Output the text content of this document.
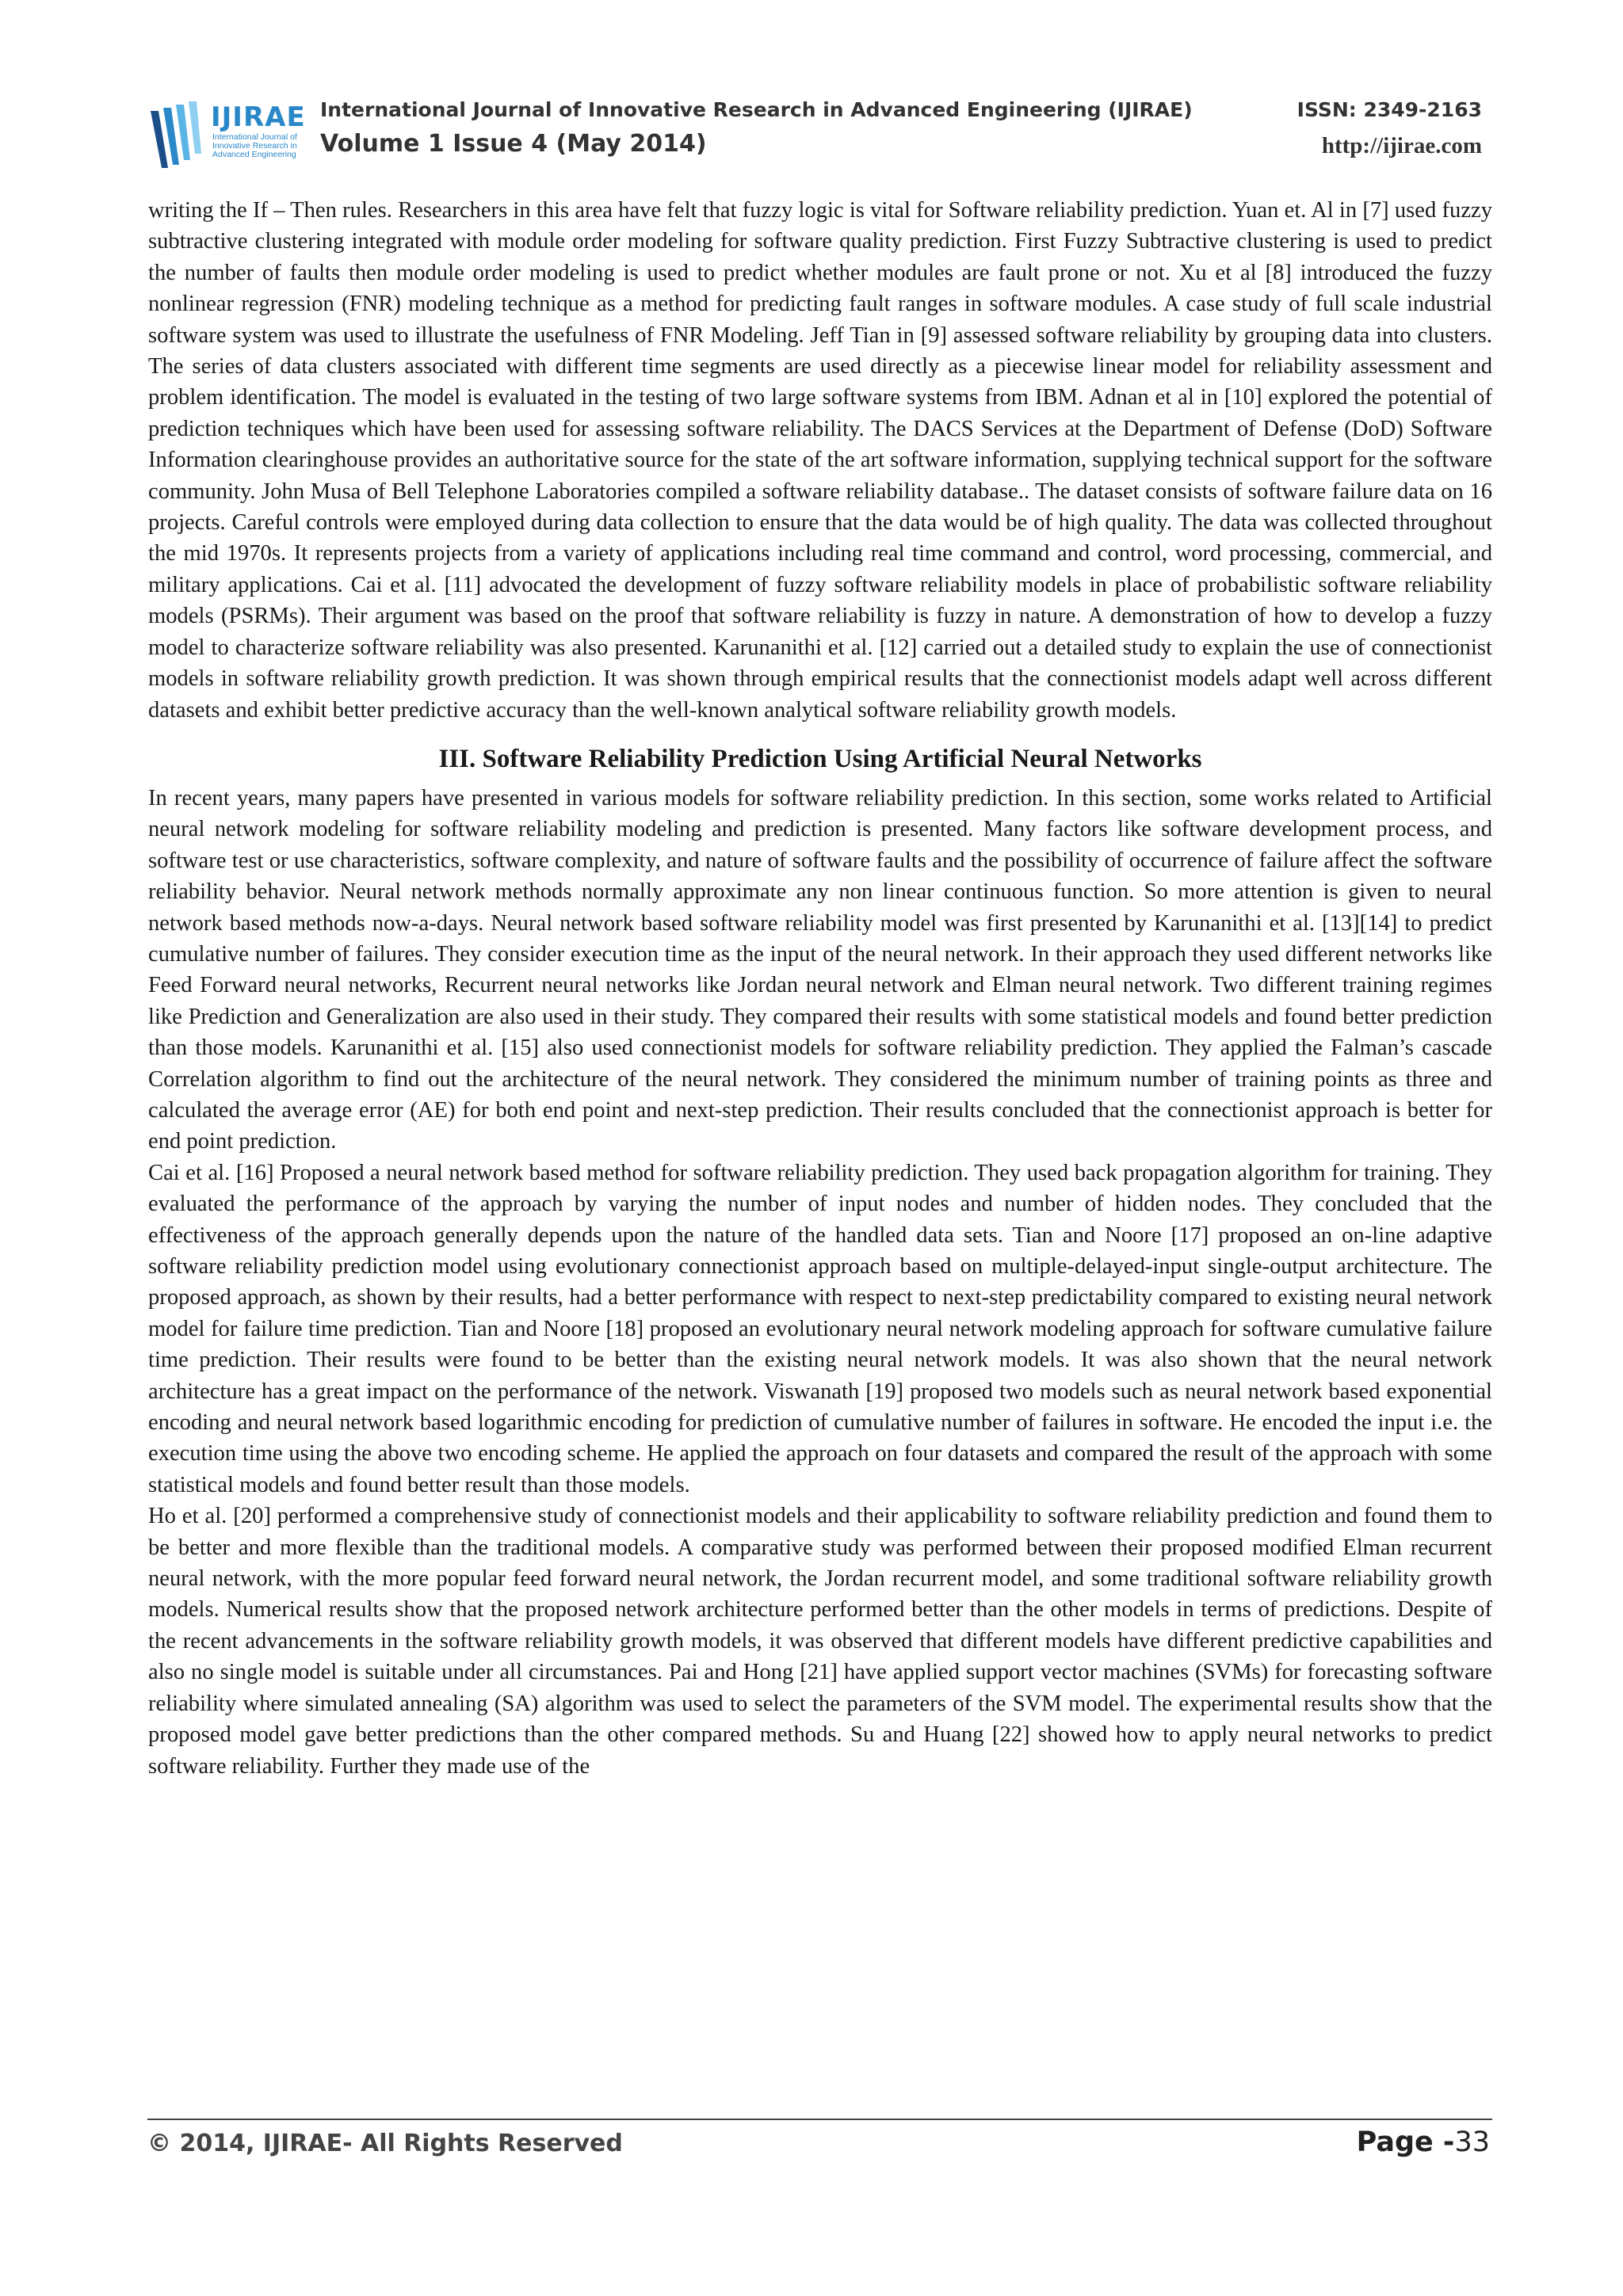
IJIRAE
International Journal of Innovative Research in Advanced Engineering
International Journal of Innovative Research in Advanced Engineering (IJIRAE)
Volume 1 Issue 4 (May 2014)
ISSN: 2349-2163
http://ijirae.com

writing the If – Then rules. Researchers in this area have felt that fuzzy logic is vital for Software reliability prediction. Yuan et. Al in [7] used fuzzy subtractive clustering integrated with module order modeling for software quality prediction. First Fuzzy Subtractive clustering is used to predict the number of faults then module order modeling is used to predict whether modules are fault prone or not. Xu et al [8] introduced the fuzzy nonlinear regression (FNR) modeling technique as a method for predicting fault ranges in software modules. A case study of full scale industrial software system was used to illustrate the usefulness of FNR Modeling. Jeff Tian in [9] assessed software reliability by grouping data into clusters. The series of data clusters associated with different time segments are used directly as a piecewise linear model for reliability assessment and problem identification. The model is evaluated in the testing of two large software systems from IBM. Adnan et al in [10] explored the potential of prediction techniques which have been used for assessing software reliability. The DACS Services at the Department of Defense (DoD) Software Information clearinghouse provides an authoritative source for the state of the art software information, supplying technical support for the software community. John Musa of Bell Telephone Laboratories compiled a software reliability database.. The dataset consists of software failure data on 16 projects. Careful controls were employed during data collection to ensure that the data would be of high quality. The data was collected throughout the mid 1970s. It represents projects from a variety of applications including real time command and control, word processing, commercial, and military applications. Cai et al. [11] advocated the development of fuzzy software reliability models in place of probabilistic software reliability models (PSRMs). Their argument was based on the proof that software reliability is fuzzy in nature. A demonstration of how to develop a fuzzy model to characterize software reliability was also presented. Karunanithi et al. [12] carried out a detailed study to explain the use of connectionist models in software reliability growth prediction. It was shown through empirical results that the connectionist models adapt well across different datasets and exhibit better predictive accuracy than the well-known analytical software reliability growth models.

III. Software Reliability Prediction Using Artificial Neural Networks

In recent years, many papers have presented in various models for software reliability prediction. In this section, some works related to Artificial neural network modeling for software reliability modeling and prediction is presented. Many factors like software development process, and software test or use characteristics, software complexity, and nature of software faults and the possibility of occurrence of failure affect the software reliability behavior. Neural network methods normally approximate any non linear continuous function. So more attention is given to neural network based methods now-a-days. Neural network based software reliability model was first presented by Karunanithi et al. [13][14] to predict cumulative number of failures. They consider execution time as the input of the neural network. In their approach they used different networks like Feed Forward neural networks, Recurrent neural networks like Jordan neural network and Elman neural network. Two different training regimes like Prediction and Generalization are also used in their study. They compared their results with some statistical models and found better prediction than those models. Karunanithi et al. [15] also used connectionist models for software reliability prediction. They applied the Falman’s cascade Correlation algorithm to find out the architecture of the neural network. They considered the minimum number of training points as three and calculated the average error (AE) for both end point and next-step prediction. Their results concluded that the connectionist approach is better for end point prediction.

Cai et al. [16] Proposed a neural network based method for software reliability prediction. They used back propagation algorithm for training. They evaluated the performance of the approach by varying the number of input nodes and number of hidden nodes. They concluded that the effectiveness of the approach generally depends upon the nature of the handled data sets. Tian and Noore [17] proposed an on-line adaptive software reliability prediction model using evolutionary connectionist approach based on multiple-delayed-input single-output architecture. The proposed approach, as shown by their results, had a better performance with respect to next-step predictability compared to existing neural network model for failure time prediction. Tian and Noore [18] proposed an evolutionary neural network modeling approach for software cumulative failure time prediction. Their results were found to be better than the existing neural network models. It was also shown that the neural network architecture has a great impact on the performance of the network. Viswanath [19] proposed two models such as neural network based exponential encoding and neural network based logarithmic encoding for prediction of cumulative number of failures in software. He encoded the input i.e. the execution time using the above two encoding scheme. He applied the approach on four datasets and compared the result of the approach with some statistical models and found better result than those models.

Ho et al. [20] performed a comprehensive study of connectionist models and their applicability to software reliability prediction and found them to be better and more flexible than the traditional models. A comparative study was performed between their proposed modified Elman recurrent neural network, with the more popular feed forward neural network, the Jordan recurrent model, and some traditional software reliability growth models. Numerical results show that the proposed network architecture performed better than the other models in terms of predictions. Despite of the recent advancements in the software reliability growth models, it was observed that different models have different predictive capabilities and also no single model is suitable under all circumstances. Pai and Hong [21] have applied support vector machines (SVMs) for forecasting software reliability where simulated annealing (SA) algorithm was used to select the parameters of the SVM model. The experimental results show that the proposed model gave better predictions than the other compared methods. Su and Huang [22] showed how to apply neural networks to predict software reliability. Further they made use of the

© 2014, IJIRAE- All Rights Reserved	Page -33
